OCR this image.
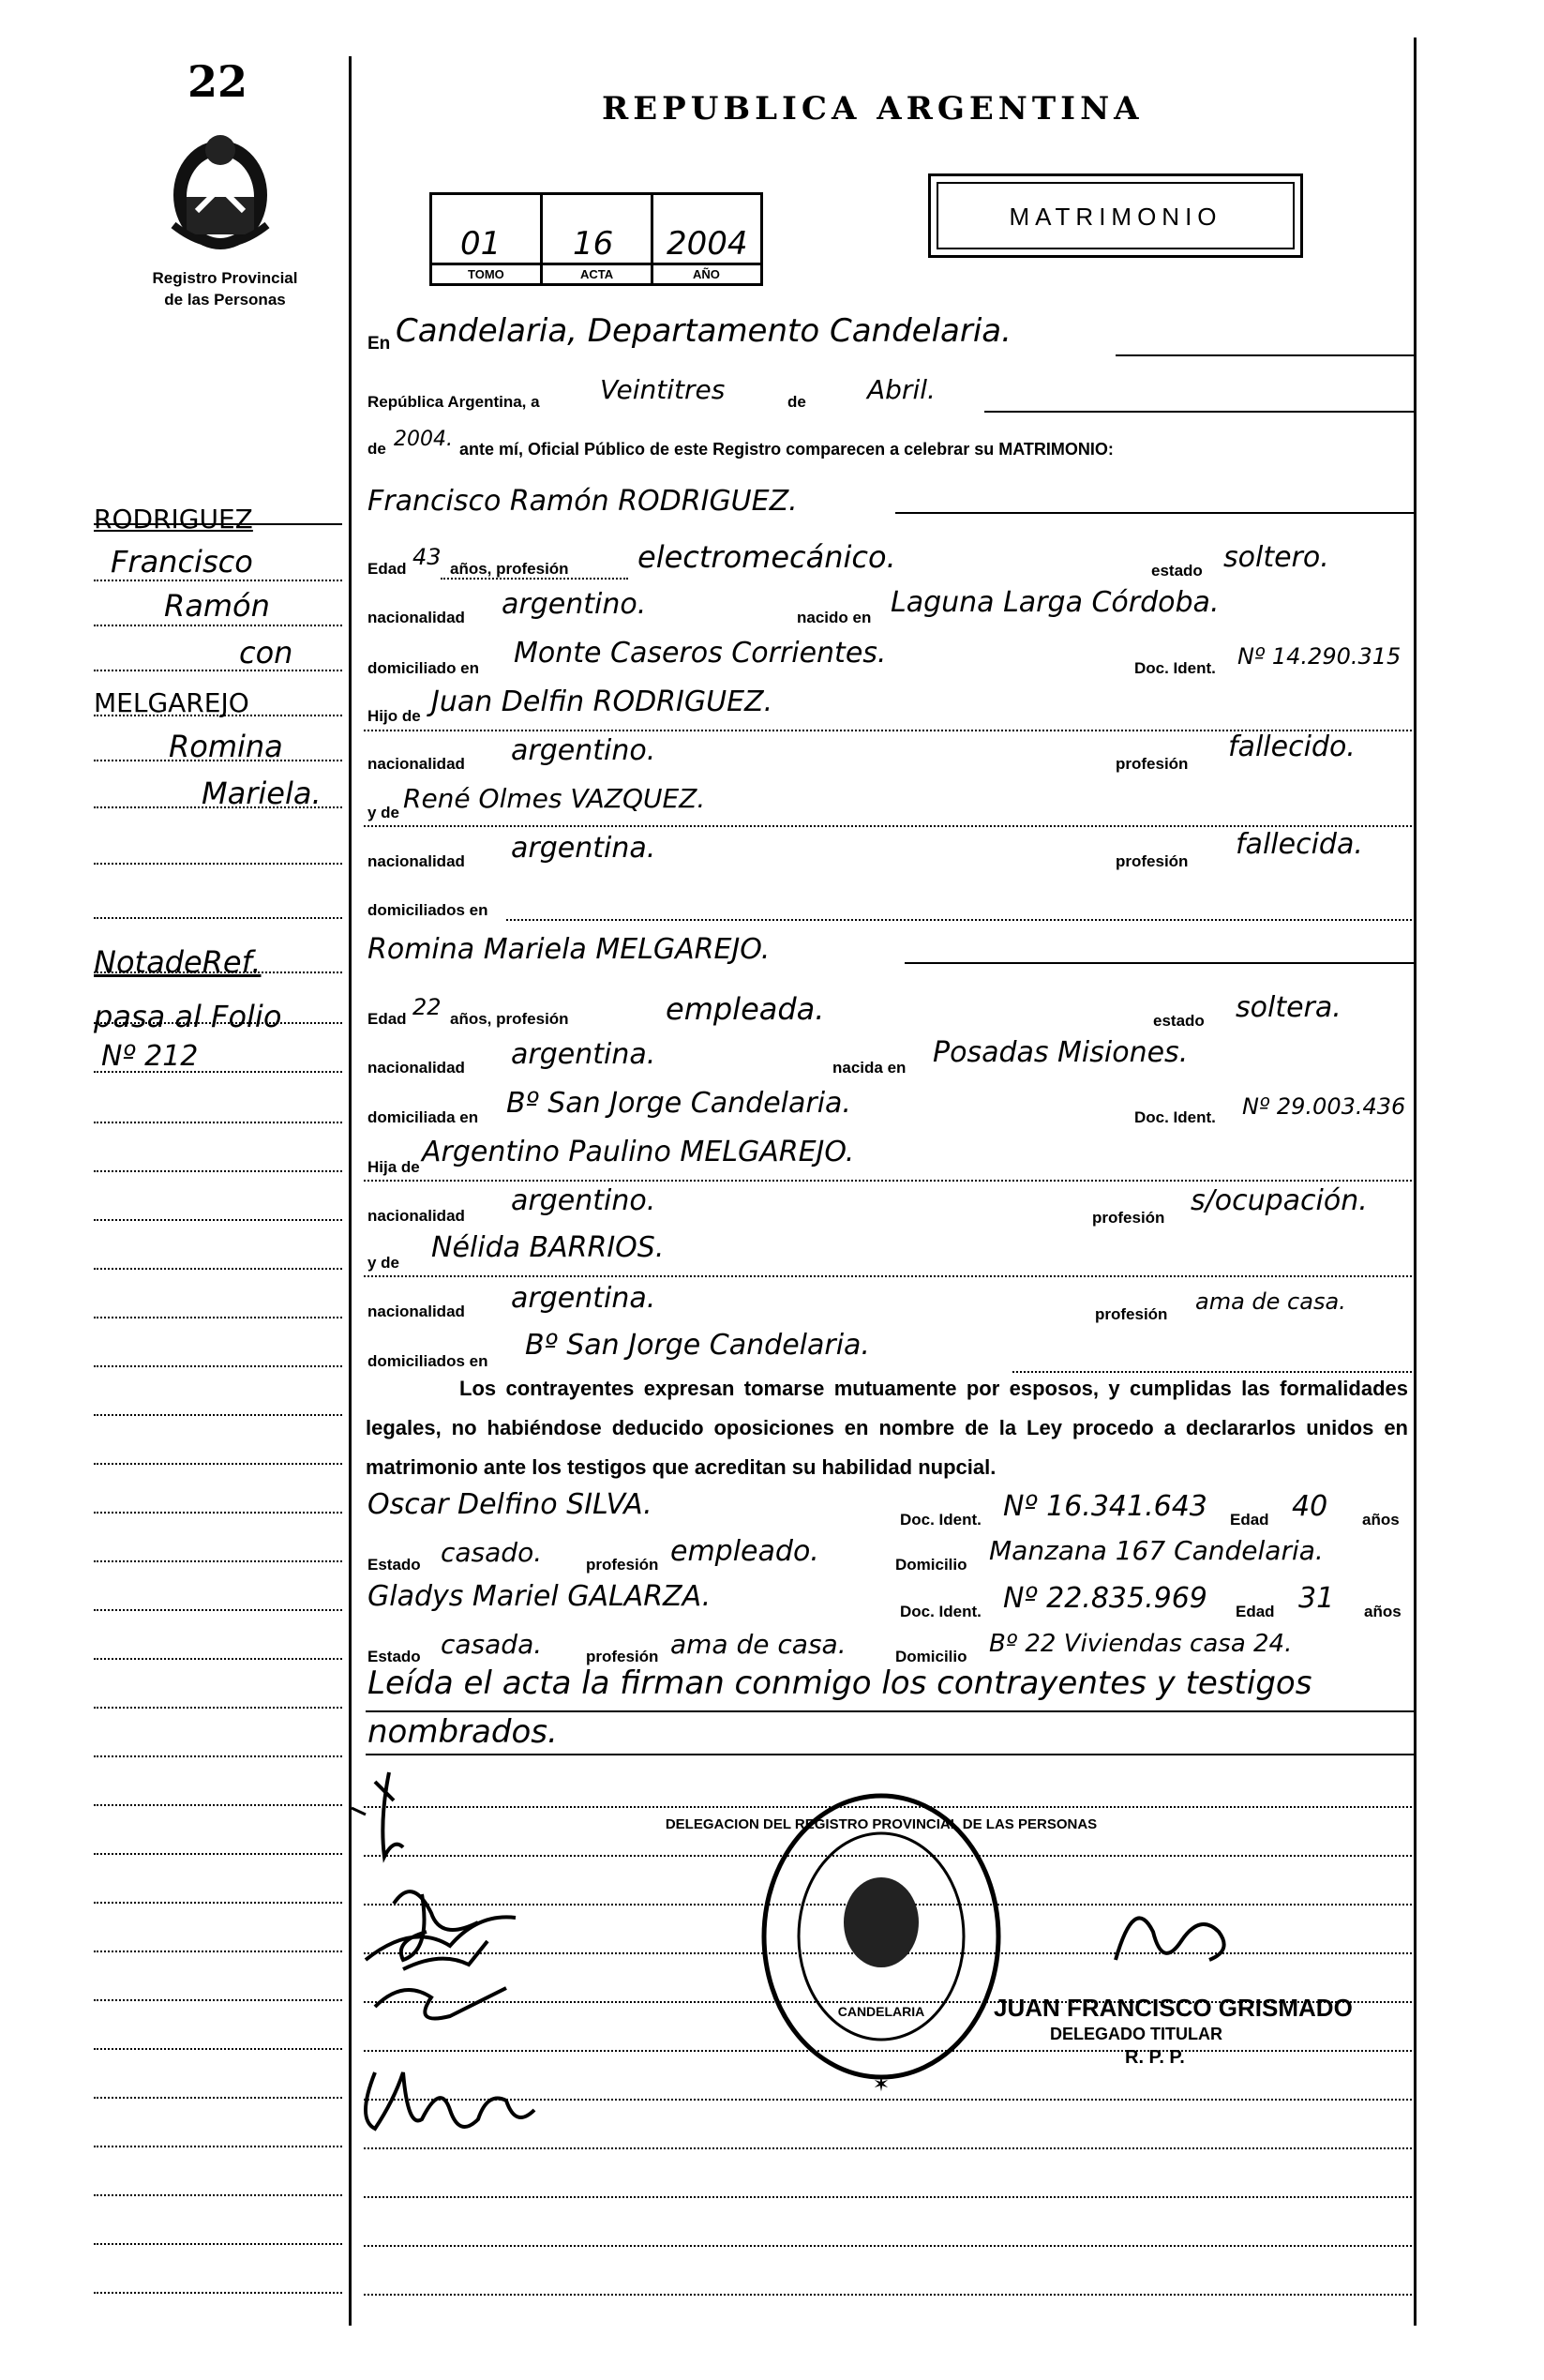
22
Registro Provincial
de las Personas
REPUBLICA ARGENTINA
01 16 2004
TOMO	ACTA	AÑO
MATRIMONIO
En Candelaria, Departamento Candelaria.
República Argentina, a Veintitres	de Abril.
de 2004. ante mí, Oficial Público de este Registro comparecen a celebrar su MATRIMONIO:
RODRIGUEZ
Francisco
Ramón
con
MELGAREJO
Romina
Mariela.
NotadeRef.
pasa al Folio
Nº 212
Francisco Ramón RODRIGUEZ.
Edad 43 años, profesión electromecánico.	estado soltero.
nacionalidad argentino.	nacido en Laguna Larga Córdoba.
domiciliado en Monte Caseros Corrientes.	Doc. Ident. Nº 14.290.315
Hijo de Juan Delfin RODRIGUEZ.
nacionalidad argentino.	profesión
fallecido.
y de René Olmes VAZQUEZ.
nacionalidad argentina.	profesión
fallecida.
domiciliados en
Romina Mariela MELGAREJO.
Edad 22 años, profesión	empleada.	estado soltera.
nacionalidad argentina.	nacida en Posadas Misiones.
domiciliada en Bº San Jorge Candelaria.	Doc. Ident. Nº 29.003.436
Hija de Argentino Paulino MELGAREJO.
nacionalidad argentino.
profesión
s/ocupación.
y de Nélida BARRIOS.
nacionalidad argentina.	profesión ama de casa.
domiciliados en Bº San Jorge Candelaria.
Los contrayentes expresan tomarse mutuamente por esposos, y cumplidas las formalidades legales, no habiéndose deducido oposiciones en nombre de la Ley procedo a declararlos unidos en matrimonio ante los testigos que acreditan su habilidad nupcial.
Oscar Delfino SILVA.	Doc. Ident. Nº 16.341.643 Edad 40 años
Estado casado.	profesión empleado.	Domicilio Manzana 167 Candelaria.
Gladys Mariel GALARZA.	Doc. Ident. Nº 22.835.969 Edad 31 años
Estado casada.	profesión ama de casa.	Domicilio Bº 22 Viviendas casa 24.
Leída el acta la firman conmigo los contrayentes y testigos
nombrados.
DELEGACION DEL REGISTRO PROVINCIAL DE LAS PERSONAS
CANDELARIA
✶
JUAN FRANCISCO GRISMADO
DELEGADO TITULAR
R. P. P.
